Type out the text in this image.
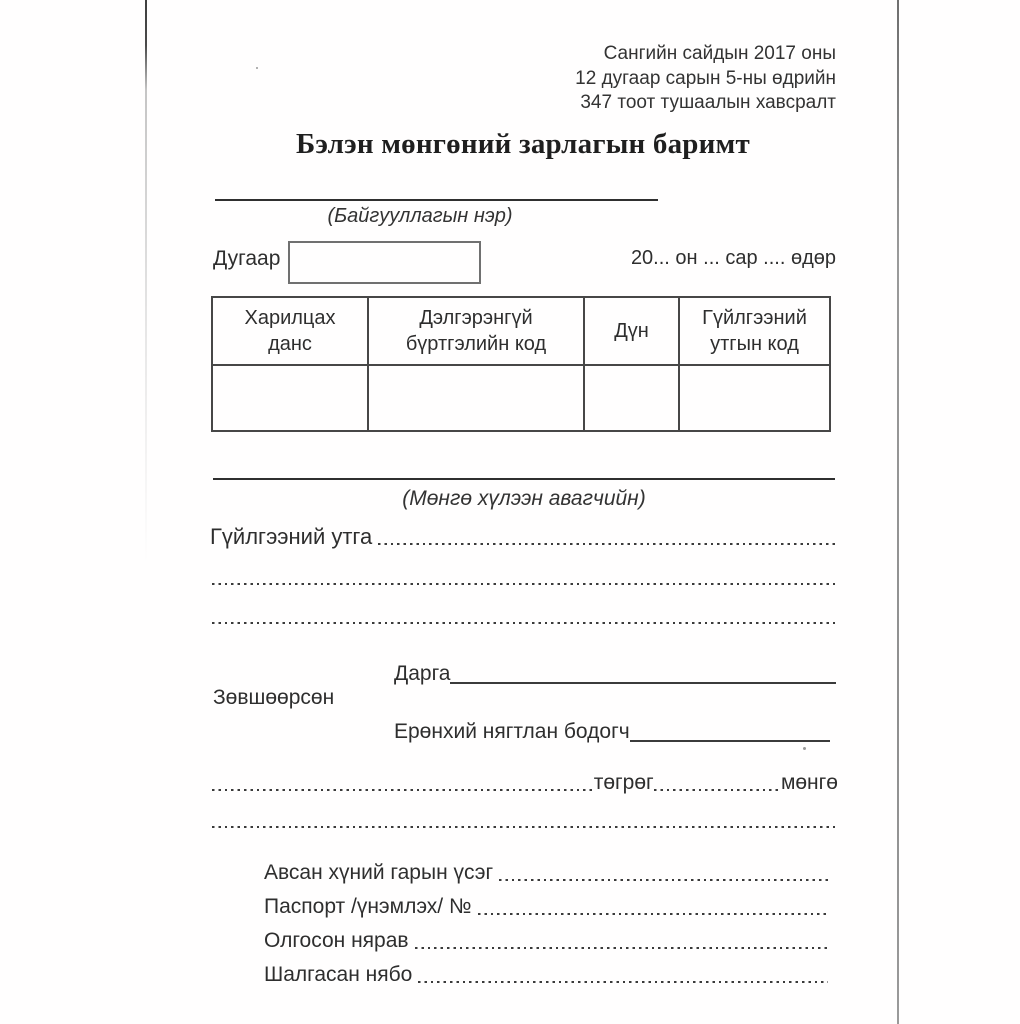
Сангийн сайдын 2017 оны
12 дугаар сарын 5-ны өдрийн
347 тоот тушаалын хавсралт
Бэлэн мөнгөний зарлагын баримт
(Байгууллагын нэр)
Дугаар	20... он ... сар .... өдөр
Харилцах данс	Дэлгэрэнгүй бүртгэлийн код	Дүн	Гүйлгээний утгын код

(Мөнгө хүлээн авагчийн)
Гүйлгээний утга
Дарга
Зөвшөөрсөн
Ерөнхий нягтлан бодогч
төгрөг	мөнгө
Авсан хүний гарын үсэг
Паспорт /үнэмлэх/ №
Олгосон нярав
Шалгасан нябо
